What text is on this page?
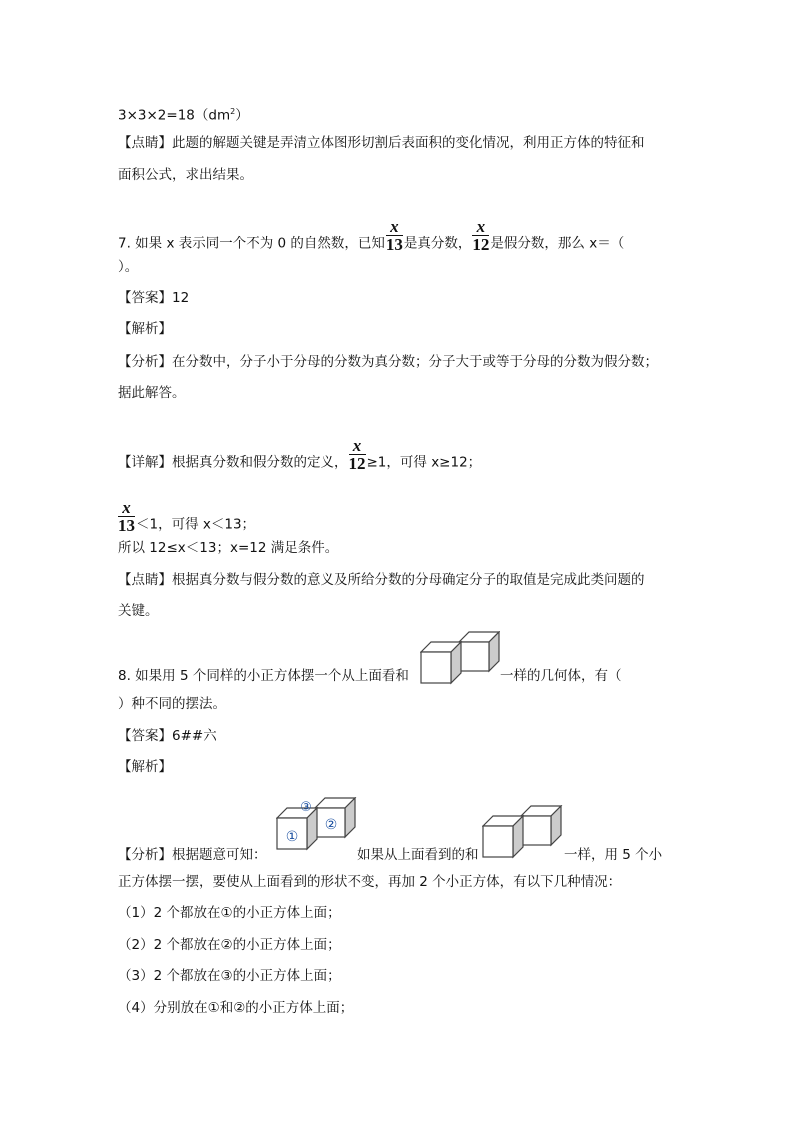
$3\times 3\times 2=18(dm^2)$
【点睛】此题的解题关键是弄清立体图形切割后表面积的变化情况，利用正方体的特征和
面积公式，求出结果。
7. 如果 x 表示同一个不为 0 的自然数，已知 $\frac{x}{13}$ 是真分数， $\frac{x}{12}$ 是假分数，那么 x＝（
）。
【答案】12
【解析】
【分析】在分数中，分子小于分母的分数为真分数；分子大于或等于分母的分数为假分数；
据此解答。
【详解】根据真分数和假分数的定义， $\frac{x}{12} \ge 1$，可得 x≥12；
$\frac{x}{13} <1$，可得 x＜13；
所以 12≤x＜13；x=12 满足条件。
【点睛】根据真分数与假分数的意义及所给分数的分母确定分子的取值是完成此类问题的
关键。
8. 如果用 5 个同样的小正方体摆一个从上面看和	一样的几何体，有（
）种不同的摆法。
【答案】6##六
【解析】
【分析】根据题意可知：
①
②
③
如果从上面看到的和	一样，用 5 个小
正方体摆一摆，要使从上面看到的形状不变，再加 2 个小正方体，有以下几种情况：
（1）2 个都放在①的小正方体上面；
（2）2 个都放在②的小正方体上面；
（3）2 个都放在③的小正方体上面；
（4）分别放在①和②的小正方体上面；
